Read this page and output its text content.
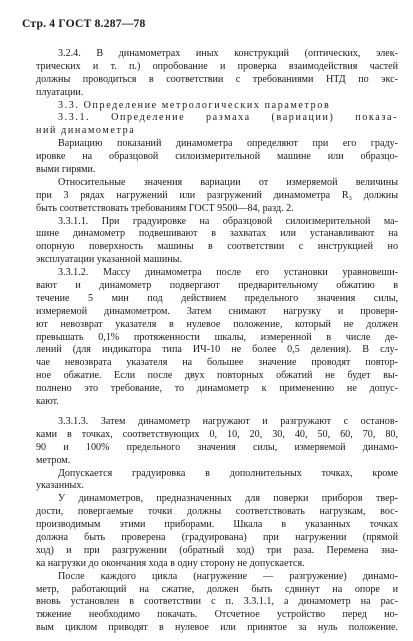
Стр. 4 ГОСТ 8.287—78
3.2.4. В динамометрах иных конструкций (оптических, элек-
трических и т. п.) опробование и проверка взаимодействия частей
должны проводиться в соответствии с требованиями НТД по экс-
плуатации.
3.3. Определение метрологических параметров
3.3.1. Определение размаха (вариации) показа-
ний динамометра
Вариацию показаний динамометра определяют при его граду-
ировке на образцовой силоизмерительной машине или образцо-
выми гирями.
Относительные значения вариации от измеряемой величины
при 3 рядах нагружений или разгружений динамометра R₃ должны
быть соответствовать требованиям ГОСТ 9500—84, разд. 2.
3.3.1.1. При градуировке на образцовой силоизмерительной ма-
шине динамометр подвешивают в захватах или устанавливают на
опорную поверхность машины в соответствии с инструкцией но
эксплуатации указанной машины.
3.3.1.2. Массу динамометра после его установки уравновеши-
вают и динамометр подвергают предварительному обжатию в
течение 5 мин под действием предельного значения силы,
измеряемой динамометром. Затем снимают нагрузку и проверя-
ют невозврат указателя в нулевое положение, который не должен
превышать 0,1% протяженности шкалы, измеренной в числе де-
лений (для индикатора типа ИЧ-10 не более 0,5 деления). В слу-
чае невозврата указателя на большее значение проводят повтор-
ное обжатие. Если после двух повторных обжатий не будет вы-
полнено это требование, то динамометр к применению не допус-
кают.
3.3.1.3. Затем динамометр нагружают и разгружают с останов-
ками в точках, соответствующих 0, 10, 20, 30, 40, 50, 60, 70, 80,
90 и 100% предельного значения силы, измеряемой динамо-
метром.
Допускается градуировка в дополнительных точках, кроме
указанных.
У динамометров, предназначенных для поверки приборов твер-
дости, повергаемые точки должны соответствовать нагрузкам, вос-
производимым этими приборами. Шкала в указанных точках
должна быть проверена (градуирована) при нагружении (прямой
ход) и при разгружении (обратный ход) три раза. Перемена зна-
ка нагрузки до окончания хода в одну сторону не допускается.
После каждого цикла (нагружение — разгружение) динамо-
метр, работающий на сжатие, должен быть сдвинут на опоре и
вновь установлен в соответствии с п. 3.3.1.1, а динамометр на рас-
тяжение необходимо покачать. Отсчетное устройство перед но-
вым циклом приводят в нулевое или принятое за нуль положение.
